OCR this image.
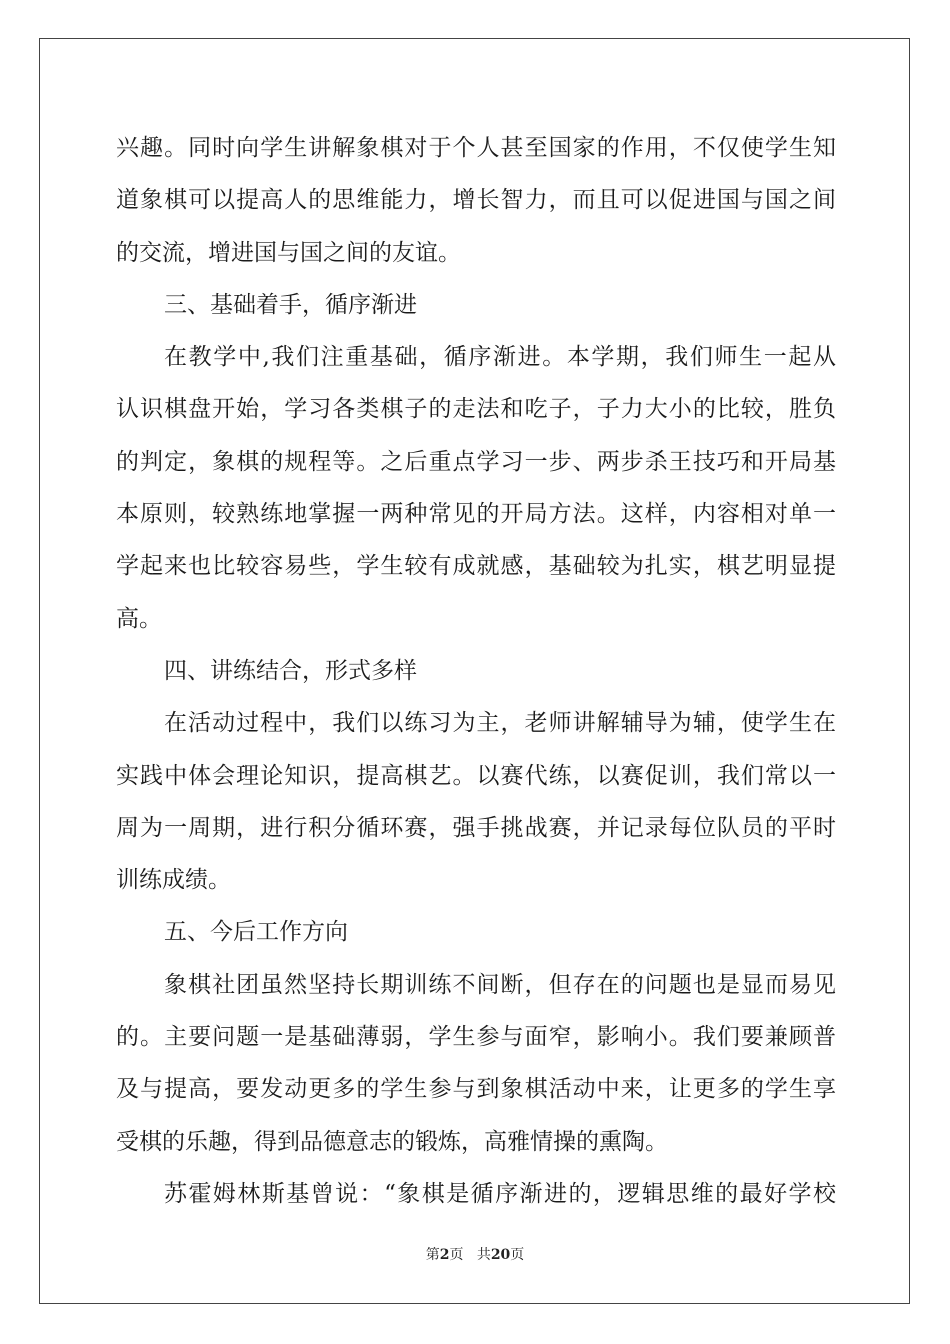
兴趣。同时向学生讲解象棋对于个人甚至国家的作用，不仅使学生知
道象棋可以提高人的思维能力，增长智力，而且可以促进国与国之间
的交流，增进国与国之间的友谊。
三、基础着手，循序渐进
在教学中,我们注重基础，循序渐进。本学期，我们师生一起从
认识棋盘开始，学习各类棋子的走法和吃子，子力大小的比较，胜负
的判定，象棋的规程等。之后重点学习一步、两步杀王技巧和开局基
本原则，较熟练地掌握一两种常见的开局方法。这样，内容相对单一
学起来也比较容易些，学生较有成就感，基础较为扎实，棋艺明显提
高。
四、讲练结合，形式多样
在活动过程中，我们以练习为主，老师讲解辅导为辅，使学生在
实践中体会理论知识，提高棋艺。以赛代练，以赛促训，我们常以一
周为一周期，进行积分循环赛，强手挑战赛，并记录每位队员的平时
训练成绩。
五、今后工作方向
象棋社团虽然坚持长期训练不间断，但存在的问题也是显而易见
的。主要问题一是基础薄弱，学生参与面窄，影响小。我们要兼顾普
及与提高，要发动更多的学生参与到象棋活动中来，让更多的学生享
受棋的乐趣，得到品德意志的锻炼，高雅情操的熏陶。
苏霍姆林斯基曾说：“象棋是循序渐进的，逻辑思维的最好学校
第2页 共20页
